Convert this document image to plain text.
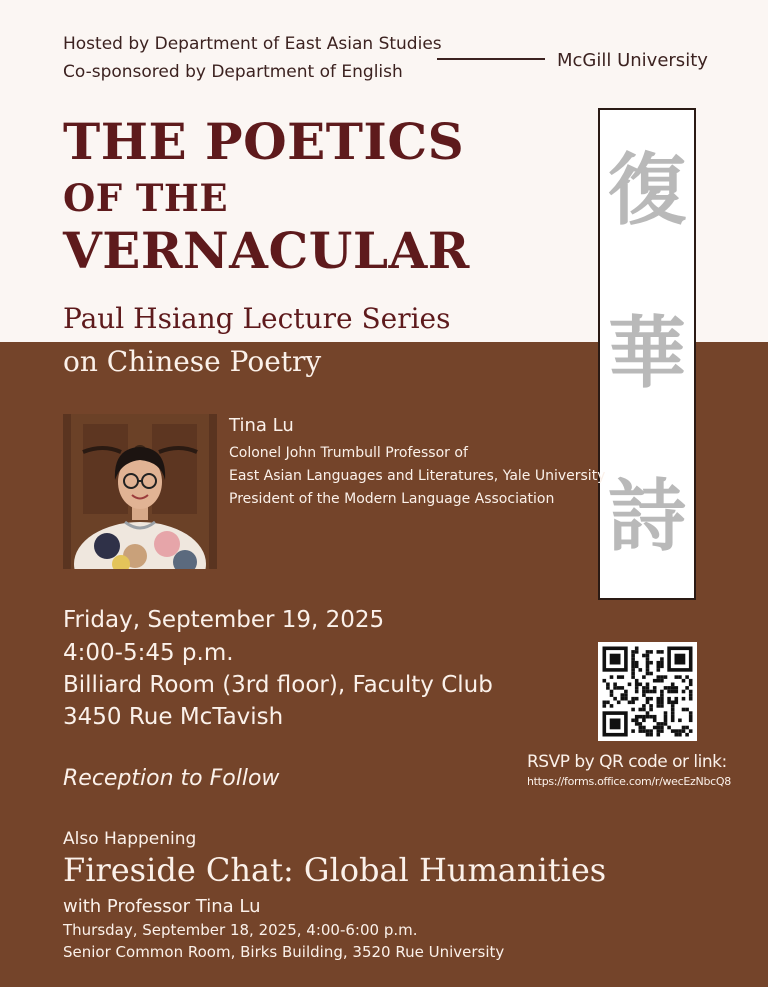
Hosted by Department of East Asian Studies
Co-sponsored by Department of English
McGill University
THE POETICS
OF THE
VERNACULAR
Paul Hsiang Lecture Series
on Chinese Poetry
復
華
詩
Tina Lu
Colonel John Trumbull Professor of
East Asian Languages and Literatures, Yale University
President of the Modern Language Association
Friday, September 19, 2025
4:00-5:45 p.m.
Billiard Room (3rd floor), Faculty Club
3450 Rue McTavish
Reception to Follow
RSVP by QR code or link:
https://forms.office.com/r/wecEzNbcQ8
Also Happening
Fireside Chat: Global Humanities
with Professor Tina Lu
Thursday, September 18, 2025, 4:00-6:00 p.m.
Senior Common Room, Birks Building, 3520 Rue University
